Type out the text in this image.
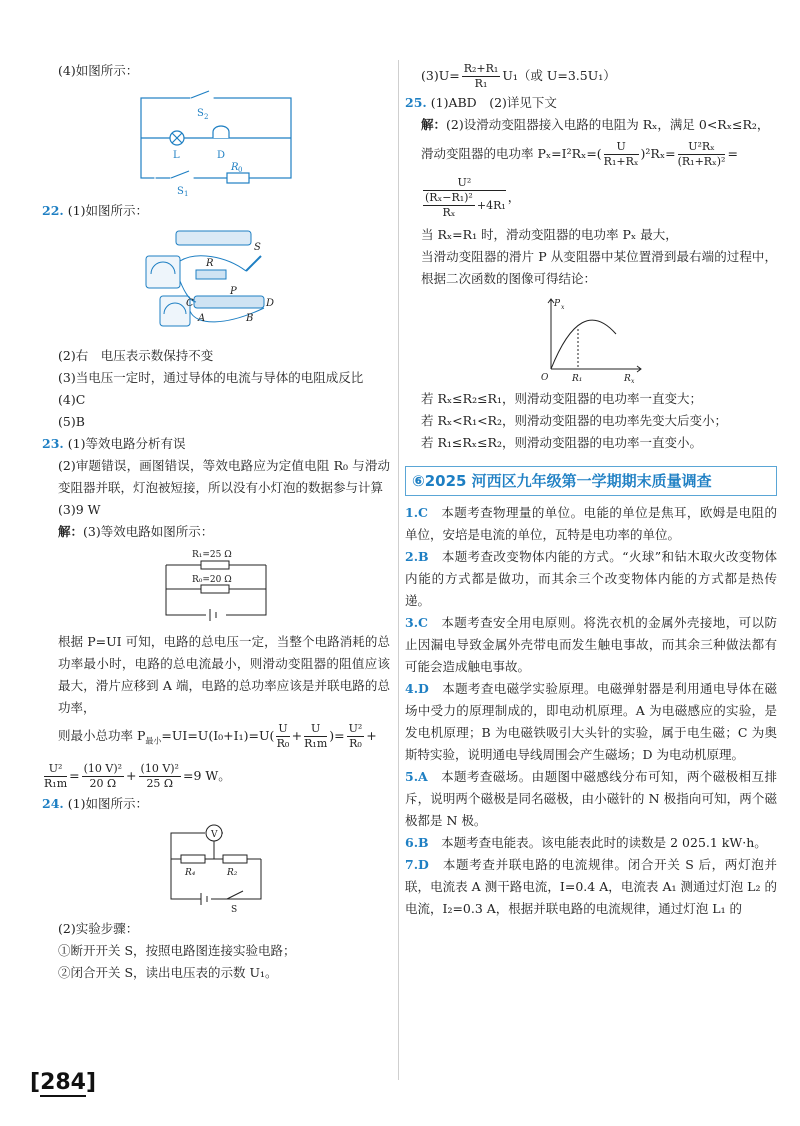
(4)如图所示：
S 2
L	D
S 1
R 0
22. (1)如图所示：
R
S
P
C	D
A	B
(2)右　电压表示数保持不变
(3)当电压一定时，通过导体的电流与导体的电阻成反比
(4)C
(5)B
23. (1)等效电路分析有误
(2)审题错误，画图错误，等效电路应为定值电阻 R₀ 与滑动变阻器并联，灯泡被短接，所以没有小灯泡的数据参与计算
(3)9 W
解：(3)等效电路如图所示：
R₁=25 Ω
R₀=20 Ω
根据 P=UI 可知，电路的总电压一定，当整个电路消耗的总功率最小时，电路的总电流最小，则滑动变阻器的阻值应该最大，滑片应移到 A 端，电路的总功率应该是并联电路的总功率，
则最小总功率 $P_{最小}=UI=U(I_0+I_1)=U( \frac{U}{\text{R₀}} + \frac{U}{\text{R₁m}}$ )= $\frac{\text{U²}}{\text{R₀}}$ +
$\frac{\text{U²}}{\text{R₁m}} = \frac{\text{(10 V)²}}{20 \Omega} + \frac{\text{(10 V)²}}{25 \Omega} =9$ W。
24. (1)如图所示：
V
R₄	R₂
S
(2)实验步骤：
①断开开关 S，按照电路图连接实验电路；
②闭合开关 S，读出电压表的示数 U₁。
$(3)U= \frac{\text{R₂+R₁}}{\text{R₁}} U_1$（或 U=3.5U₁）
25. (1)ABD　(2)详见下文
解：(2)设滑动变阻器接入电路的电阻为 Rₓ，满足 0<Rₓ≤R₂，
滑动变阻器的电功率 $P_x=I^2R_x=( \frac{U}{\text{R₁+Rₓ}} )^2R_x= \frac{\text{U²Rₓ}}{\text{(R₁+Rₓ)²}}$ =
$\frac{\text{U²}}{\frac{\text{(Rₓ−R₁)²}}{\text{Rₓ}} +4R_1}$ ，
当 Rₓ=R₁ 时，滑动变阻器的电功率 Pₓ 最大，
当滑动变阻器的滑片 P 从变阻器中某位置滑到最右端的过程中，根据二次函数的图像可得结论：
P x
O	R₁	R x
若 Rₓ≤R₂≤R₁，则滑动变阻器的电功率一直变大；
若 Rₓ<R₁<R₂，则滑动变阻器的电功率先变大后变小；
若 R₁≤Rₓ≤R₂，则滑动变阻器的电功率一直变小。
⑥2025 河西区九年级第一学期期末质量调查
1.C　 本题考查物理量的单位。电能的单位是焦耳，欧姆是电阻的单位，安培是电流的单位，瓦特是电功率的单位。
2.B　 本题考查改变物体内能的方式。“火球”和钻木取火改变物体内能的方式都是做功，而其余三个改变物体内能的方式都是热传递。
3.C　 本题考查安全用电原则。将洗衣机的金属外壳接地，可以防止因漏电导致金属外壳带电而发生触电事故，而其余三种做法都有可能会造成触电事故。
4.D　 本题考查电磁学实验原理。电磁弹射器是利用通电导体在磁场中受力的原理制成的，即电动机原理。A 为电磁感应的实验，是发电机原理；B 为电磁铁吸引大头针的实验，属于电生磁；C 为奥斯特实验，说明通电导线周围会产生磁场；D 为电动机原理。
5.A　 本题考查磁场。由题图中磁感线分布可知，两个磁极相互排斥，说明两个磁极是同名磁极，由小磁针的 N 极指向可知，两个磁极都是 N 极。
6.B　 本题考查电能表。该电能表此时的读数是 2 025.1 kW·h。
7.D　 本题考查并联电路的电流规律。闭合开关 S 后，两灯泡并联，电流表 A 测干路电流，I=0.4 A，电流表 A₁ 测通过灯泡 L₂ 的电流，I₂=0.3 A，根据并联电路的电流规律，通过灯泡 L₁ 的
[284]
